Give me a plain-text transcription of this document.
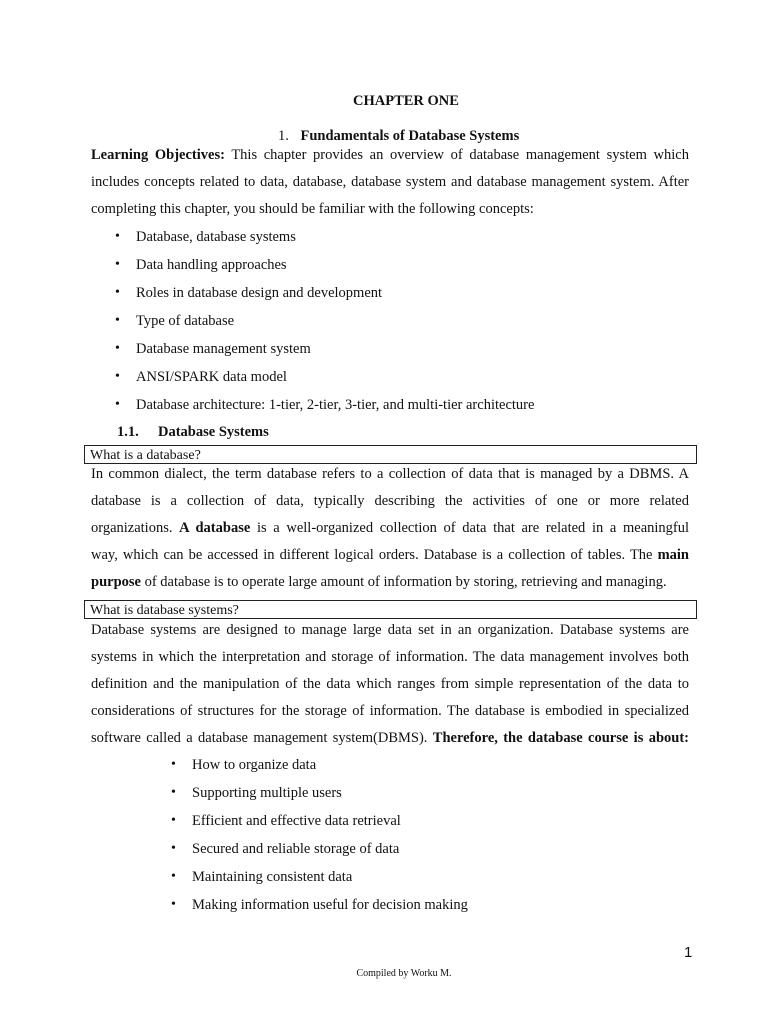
CHAPTER ONE
1. Fundamentals of Database Systems
Learning Objectives: This chapter provides an overview of database management system which
includes concepts related to data, database, database system and database management system. After
completing this chapter, you should be familiar with the following concepts:
• Database, database systems
• Data handling approaches
• Roles in database design and development
• Type of database
• Database management system
• ANSI/SPARK data model
• Database architecture: 1-tier, 2-tier, 3-tier, and multi-tier architecture
1.1. Database Systems
What is a database?
In common dialect, the term database refers to a collection of data that is managed by a DBMS. A
database is a collection of data, typically describing the activities of one or more related
organizations. A database is a well-organized collection of data that are related in a meaningful
way, which can be accessed in different logical orders. Database is a collection of tables. The main
purpose of database is to operate large amount of information by storing, retrieving and managing.
What is database systems?
Database systems are designed to manage large data set in an organization. Database systems are
systems in which the interpretation and storage of information. The data management involves both
definition and the manipulation of the data which ranges from simple representation of the data to
considerations of structures for the storage of information. The database is embodied in specialized
software called a database management system(DBMS). Therefore, the database course is about:
• How to organize data
• Supporting multiple users
• Efficient and effective data retrieval
• Secured and reliable storage of data
• Maintaining consistent data
• Making information useful for decision making
1
Compiled by Worku M.
